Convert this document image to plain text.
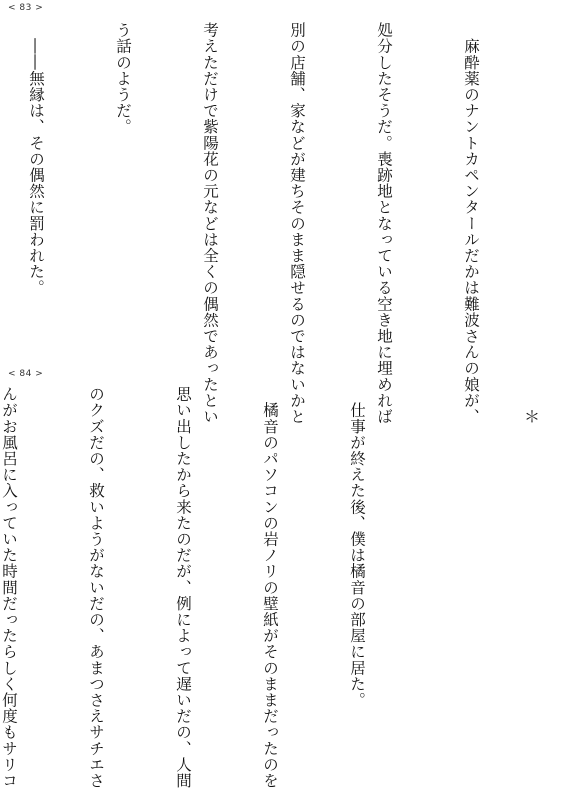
< 83 >

　麻酔薬のナントカペンタールだかは難波さんの娘が、

処分したそうだ。喪跡地となっている空き地に埋めれば

別の店舗、家などが建ちそのまま隠せるのではないかと

考えただけで紫陽花の元などは全くの偶然であったとい

う話のようだ。

　――無縁は、その偶然に罰われた。

< 84 >
＊

　仕事が終えた後、僕は橘音の部屋に居た。

　橘音のパソコンの岩ノリの壁紙がそのままだったのを

思い出したから来たのだが、例によって遅いだの、人間

のクズだの、救いようがないだの、あまつさえサチエさ

んがお風呂に入っていた時間だったらしく何度もサリコ
